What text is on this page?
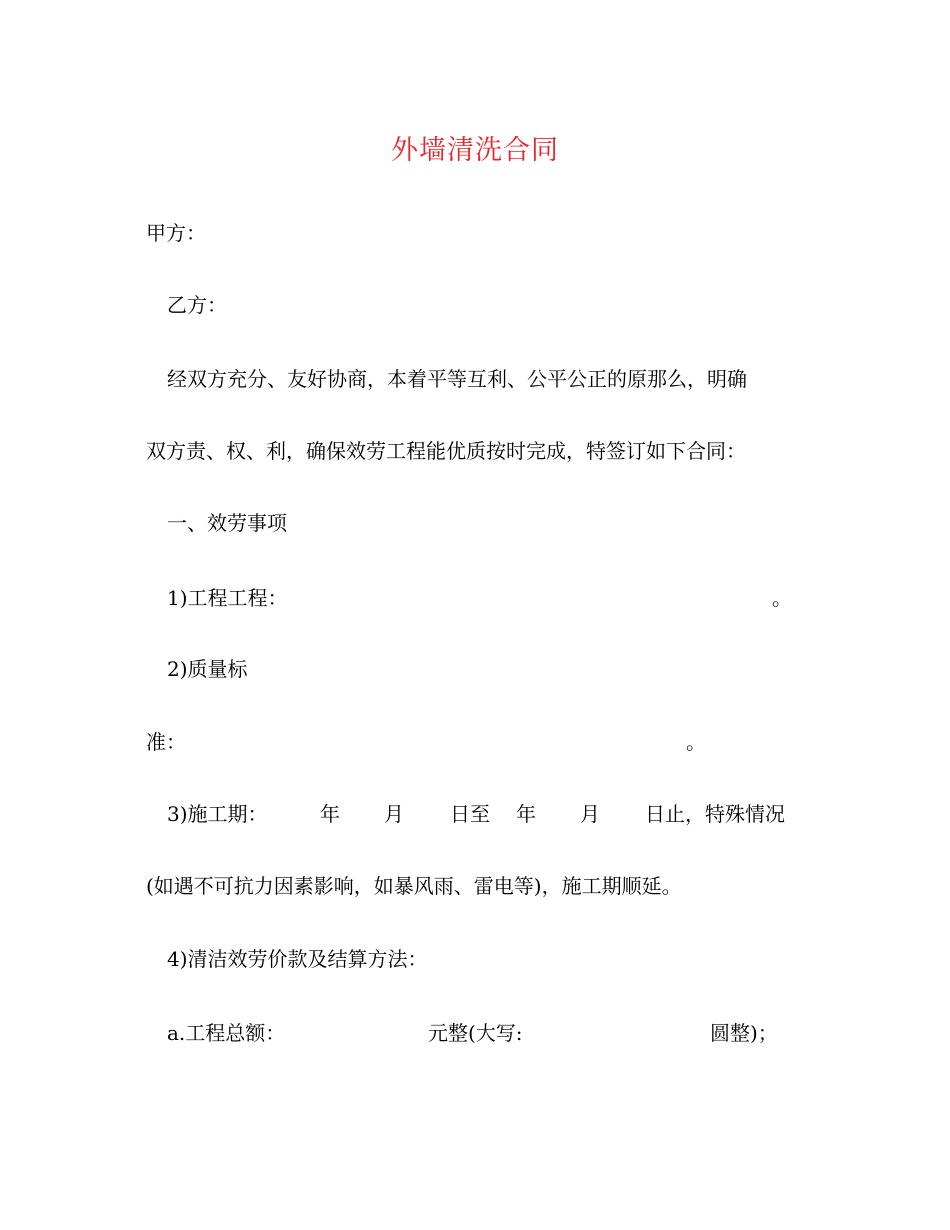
外墙清洗合同
甲方：
乙方：
经双方充分、友好协商，本着平等互利、公平公正的原那么，明确
双方责、权、利，确保效劳工程能优质按时完成，特签订如下合同：
一、效劳事项
1)工程工程：	。
2)质量标
准：	。
3)施工期：	年 月 日至 年 月 日止，特殊情况
(如遇不可抗力因素影响，如暴风雨、雷电等)，施工期顺延。
4)清洁效劳价款及结算方法：
a.工程总额：	元整(大写:	圆整)；
